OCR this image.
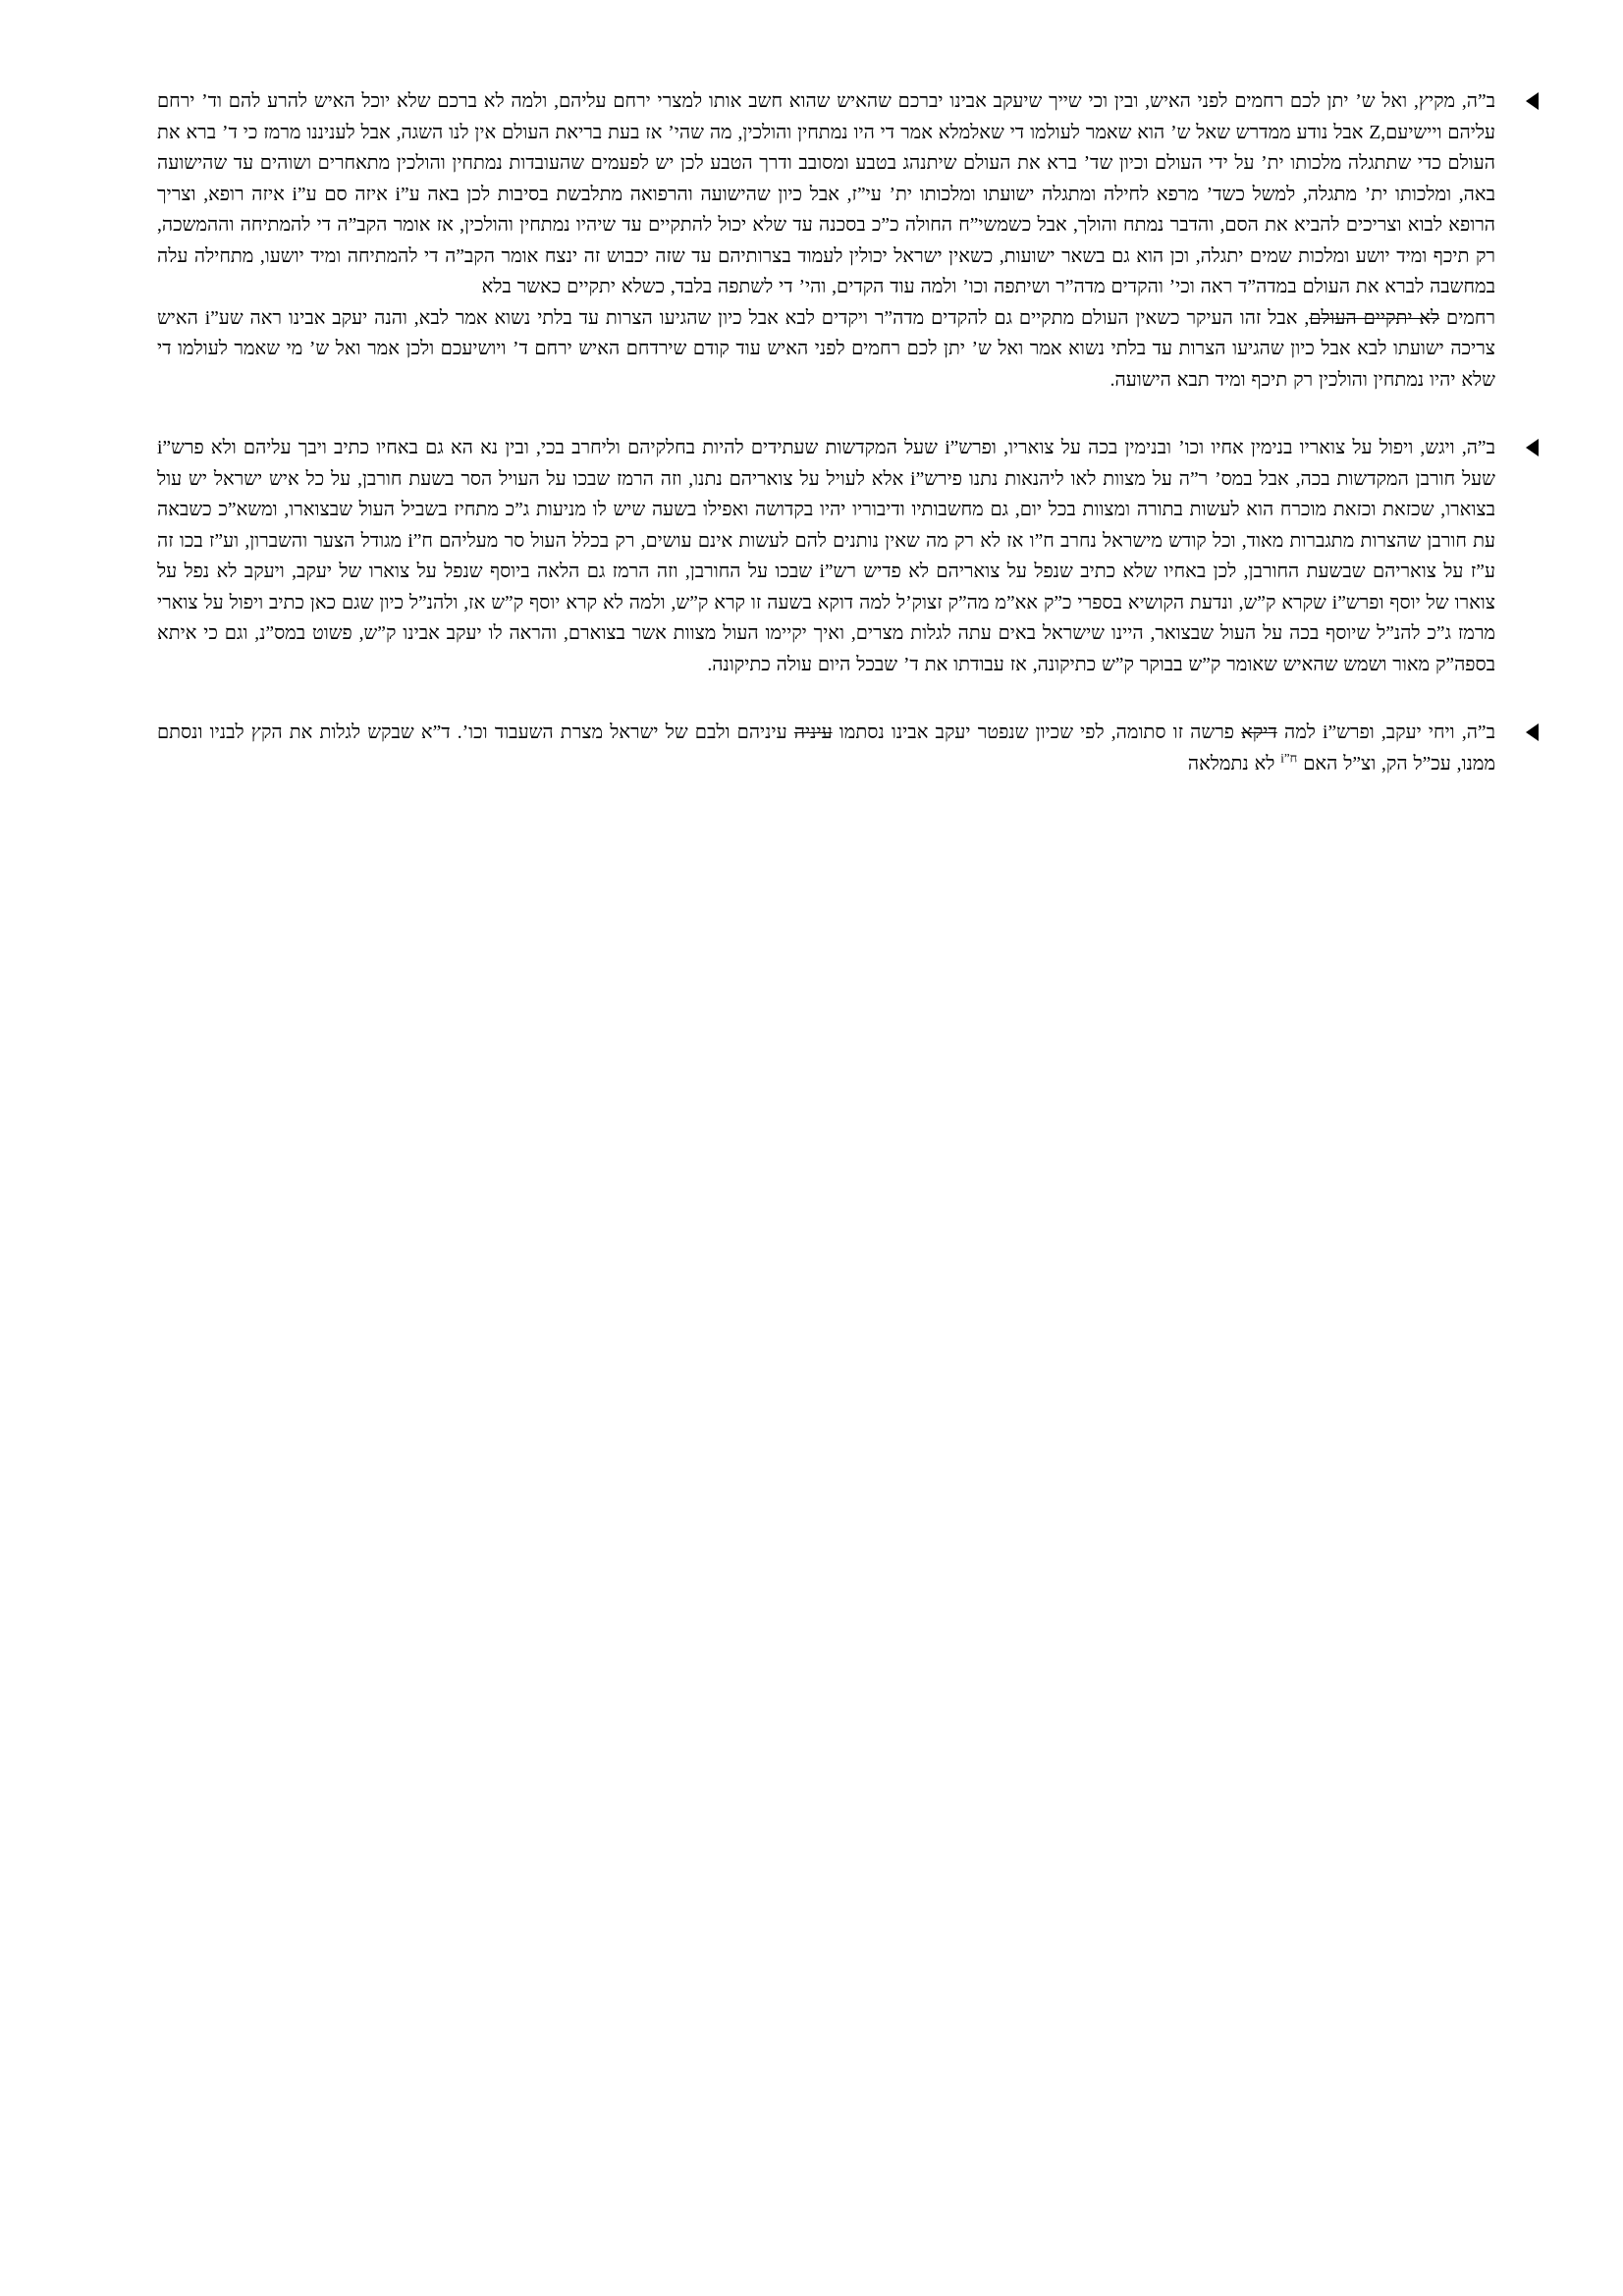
ב”ה, מקיץ, ואל ש’ יתן לכם רחמים לפני האיש, ובין וכי שייך שיעקב אבינו יברכם שהאיש שהוא חשב אותו למצרי ירחם עליהם, ולמה לא ברכם שלא יוכל האיש להרע להם וד’ ירחם עליהם ויישיעם,Z אבל נודע ממדרש שאל ש’ הוא שאמר לעולמו די שאלמלא אמר די היו נמתחין והולכין, מה שהי’ אז בעת בריאת העולם אין לנו השגה, אבל לעניננו מרמז כי ד’ ברא את העולם כדי שתתגלה מלכותו ית’ על ידי העולם וכיון שד’ ברא את העולם שיתנהג בטבע ומסובב ודרך הטבע לכן יש לפעמים שהעובדות נמתחין והולכין מתאחרים ושוהים עד שהישועה באה, ומלכותו ית’ מתגלה, למשל כשד’ מרפא לחילה ומתגלה ישועתו ומלכותו ית’ עי”ז, אבל כיון שהישועה והרפואה מתלבשת בסיבות לכן באה ע”i איזה סם ע”i איזה רופא, וצריך הרופא לבוא וצריכים להביא את הסם, והדבר נמתח והולך, אבל כשמשי”ח החולה כ”כ בסכנה עד שלא יכול להתקיים עד שיהיו נמתחין והולכין, אז אומר הקב”ה די להמתיחה וההמשכה, רק תיכף ומיד יושע ומלכות שמים יתגלה, וכן הוא גם בשאר ישועות, כשאין ישראל יכולין לעמוד בצרותיהם עד שזה יכבוש זה ינצח אומר הקב”ה די להמתיחה ומיד יושעו, מתחילה עלה במחשבה לברא את העולם במדה”ד ראה וכי’ והקדים מדה”ר ושיתפה וכו’ ולמה עוד הקדים, והי’ די לשתפה בלבד, כשלא יתקיים כאשר בלא
רחמים לא יתקיים העולם, אבל זהו העיקר כשאין העולם מתקיים גם להקדים מדה”ר ויקדים לבא אבל כיון שהגיעו הצרות עד בלתי נשוא אמר לבא, והנה יעקב אבינו ראה שע”i האיש צריכה ישועתו לבא אבל כיון שהגיעו הצרות עד בלתי נשוא אמר ואל ש’ יתן לכם רחמים לפני האיש עוד קודם שירדחם האיש ירחם ד’ ויושיעכם ולכן אמר ואל ש’ מי שאמר לעולמו די שלא יהיו נמתחין והולכין רק תיכף ומיד תבא הישועה.
ב”ה, ויגש, ויפול על צואריו בנימין אחיו וכו’ ובנימין בכה על צואריו, ופרש”i שעל המקדשות שעתידים להיות בחלקיהם וליחרב בכי, ובין נא הא גם באחיו כתיב ויבך עליהם ולא פרש”i שעל חורבן המקדשות בכה, אבל במס’ ר”ה על מצוות לאו ליהנאות נתנו פירש”i אלא לעויל על צואריהם נתנו, וזה הרמז שבכו על העויל הסר בשעת חורבן, על כל איש ישראל יש עול בצוארו, שכזאת וכזאת מוכרח הוא לעשות בתורה ומצוות בכל יום, גם מחשבותיו ודיבוריו יהיו בקדושה ואפילו בשעה שיש לו מניעות ג”כ מתחיז בשביל העול שבצוארו, ומשא”כ כשבאה עת חורבן שהצרות מתגברות מאוד, וכל קודש מישראל נחרב ח”ו אז לא רק מה שאין נותנים להם לעשות אינם עושים, רק בכלל העול סר מעליהם ח”i מגודל הצער והשברון, וע”ז בכו זה ע”ז על צואריהם שבשעת החורבן, לכן באחיו שלא כתיב שנפל על צואריהם לא פדיש רש”i שבכו על החורבן, וזה הרמז גם הלאה ביוסף שנפל על צוארו של יעקב, ויעקב לא נפל על צוארו של יוסף ופרש”i שקרא ק”ש, ונדעת הקושיא בספרי כ”ק אא”מ מה”ק זצוק’ל למה דוקא בשעה זו קרא ק”ש, ולמה לא קרא יוסף ק”ש אז, ולהנ”ל כיון שגם כאן כתיב ויפול על צוארי מרמז ג”כ להנ”ל שיוסף בכה על העול שבצואר, היינו שישראל באים עתה לגלות מצרים, ואיך יקיימו העול מצוות אשר בצוארם, והראה לו יעקב אבינו ק”ש, פשוט במס”נ, וגם כי איתא בספה”ק מאור ושמש שהאיש שאומר ק”ש בבוקר ק”ש כתיקונה, אז עבודתו את ד’ שבכל היום עולה כתיקונה.
ב”ה, ויחי יעקב, ופרש”i למה דיקא פרשה זו סתומה, לפי שכיון שנפטר יעקב אבינו נסתמו עיניה עיניהם ולבם של ישראל מצרת השעבוד וכו’. ד”א שבקש לגלות את הקץ לבניו ונסתם ממנו, עכ”ל הק, וצ”ל האם $^{ח”i}$ לא נתמלאה
